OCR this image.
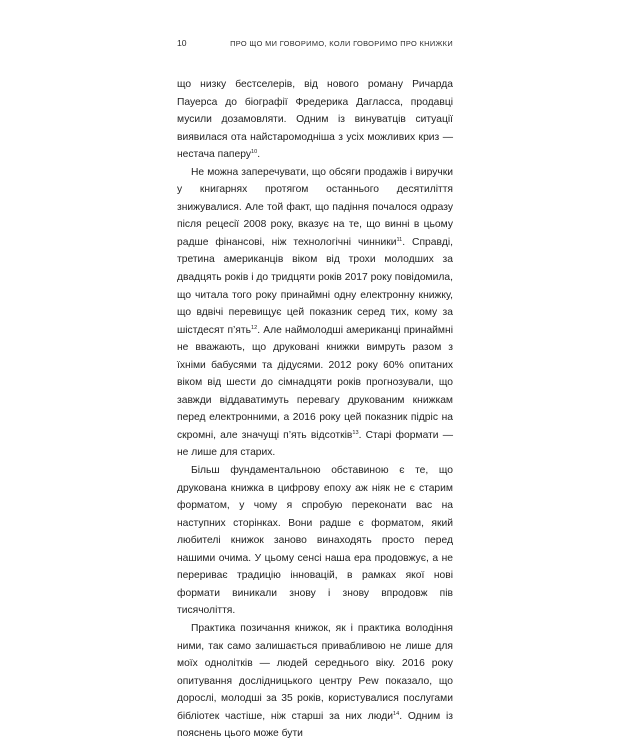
10	ПРО ЩО МИ ГОВОРИМО, КОЛИ ГОВОРИМО ПРО КНИЖКИ

що низку бестселерів, від нового роману Ричарда Пауерса до біографії Фредерика Дагласса, продавці мусили дозамовляти. Одним із винуватців ситуації виявилася ота найстаромодніша з усіх можливих криз — нестача паперу$^{10}$.

Не можна заперечувати, що обсяги продажів і виручки у книгарнях протягом останнього десятиліття знижувалися. Але той факт, що падіння почалося одразу після рецесії 2008 року, вказує на те, що винні в цьому радше фінансові, ніж технологічні чинники$^{11}$. Справді, третина американців віком від трохи молодших за двадцять років і до тридцяти років 2017 року повідомила, що читала того року принаймні одну електронну книжку, що вдвічі перевищує цей показник серед тих, кому за шістдесят п’ять$^{12}$. Але наймолодші американці принаймні не вважають, що друковані книжки вимруть разом з їхніми бабусями та дідусями. 2012 року 60% опитаних віком від шести до сімнадцяти років прогнозували, що завжди віддаватимуть перевагу друкованим книжкам перед електронними, а 2016 року цей показник підріс на скромні, але значущі п’ять відсотків$^{13}$. Старі формати — не лише для старих.

Більш фундаментальною обставиною є те, що друкована книжка в цифрову епоху аж ніяк не є старим форматом, у чому я спробую переконати вас на наступних сторінках. Вони радше є форматом, який любителі книжок заново винаходять просто перед нашими очима. У цьому сенсі наша ера продовжує, а не перериває традицію інновацій, в рамках якої нові формати виникали знову і знову впродовж пів тисячоліття.

Практика позичання книжок, як і практика володіння ними, так само залишається привабливою не лише для моїх однолітків — людей середнього віку. 2016 року опитування дослідницького центру Pew показало, що дорослі, молодші за 35 років, користувалися послугами бібліотек частіше, ніж старші за них люди$^{14}$. Одним із пояснень цього може бути
